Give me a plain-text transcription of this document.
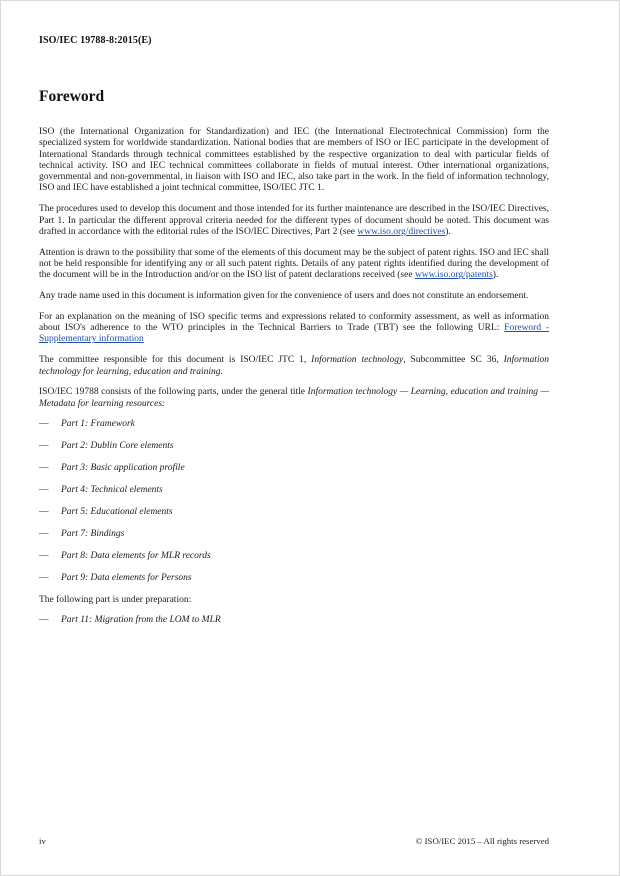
ISO/IEC 19788-8:2015(E)
Foreword

ISO (the International Organization for Standardization) and IEC (the International Electrotechnical Commission) form the specialized system for worldwide standardization. National bodies that are members of ISO or IEC participate in the development of International Standards through technical committees established by the respective organization to deal with particular fields of technical activity. ISO and IEC technical committees collaborate in fields of mutual interest. Other international organizations, governmental and non-governmental, in liaison with ISO and IEC, also take part in the work. In the field of information technology, ISO and IEC have established a joint technical committee, ISO/IEC JTC 1.

The procedures used to develop this document and those intended for its further maintenance are described in the ISO/IEC Directives, Part 1. In particular the different approval criteria needed for the different types of document should be noted. This document was drafted in accordance with the editorial rules of the ISO/IEC Directives, Part 2 (see www.iso.org/directives).

Attention is drawn to the possibility that some of the elements of this document may be the subject of patent rights. ISO and IEC shall not be held responsible for identifying any or all such patent rights. Details of any patent rights identified during the development of the document will be in the Introduction and/or on the ISO list of patent declarations received (see www.iso.org/patents).

Any trade name used in this document is information given for the convenience of users and does not constitute an endorsement.

For an explanation on the meaning of ISO specific terms and expressions related to conformity assessment, as well as information about ISO's adherence to the WTO principles in the Technical Barriers to Trade (TBT) see the following URL: Foreword - Supplementary information

The committee responsible for this document is ISO/IEC JTC 1, Information technology, Subcommittee SC 36, Information technology for learning, education and training.

ISO/IEC 19788 consists of the following parts, under the general title Information technology — Learning, education and training — Metadata for learning resources:

—	Part 1: Framework
—	Part 2: Dublin Core elements
—	Part 3: Basic application profile
—	Part 4: Technical elements
—	Part 5: Educational elements
—	Part 7: Bindings
—	Part 8: Data elements for MLR records
—	Part 9: Data elements for Persons

The following part is under preparation:

—	Part 11: Migration from the LOM to MLR
iv	© ISO/IEC 2015 – All rights reserved
